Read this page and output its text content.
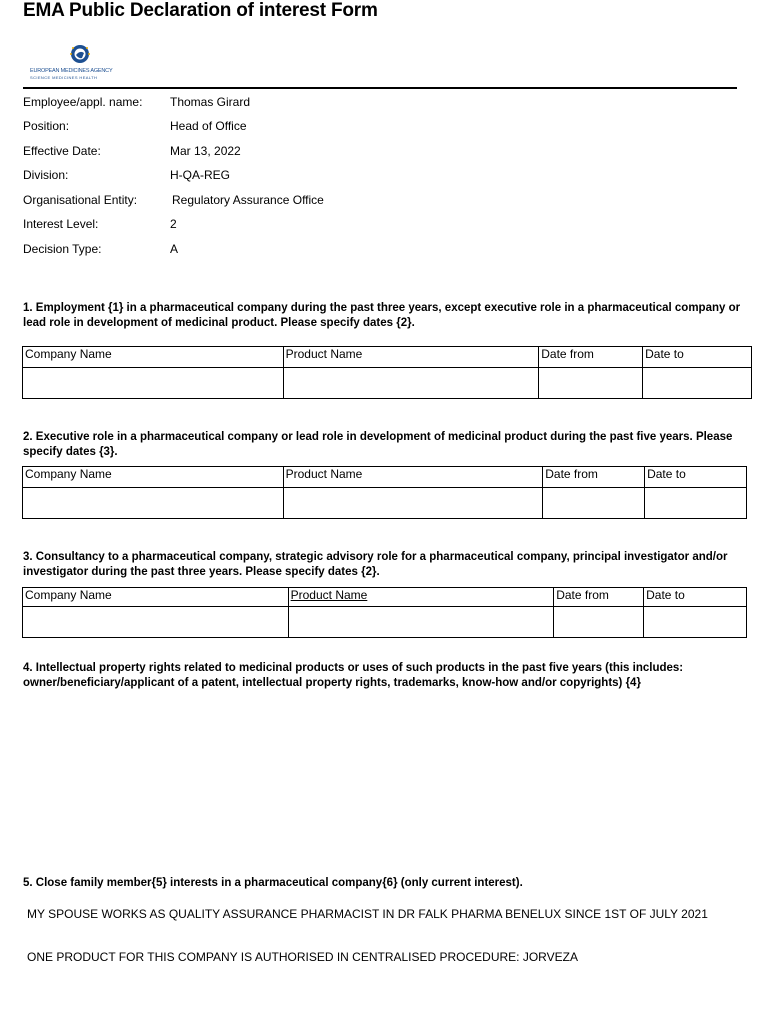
EMA Public Declaration of interest Form
EUROPEAN MEDICINES AGENCY
SCIENCE MEDICINES HEALTH
Employee/appl. name: Thomas Girard
Position:	Head of Office
Effective Date:	Mar 13, 2022
Division:	H-QA-REG
Organisational Entity:	Regulatory Assurance Office
Interest Level:	2
Decision Type:	A
1. Employment {1} in a pharmaceutical company during the past three years, except executive role in a pharmaceutical company or lead role in development of medicinal product. Please specify dates {2}.
Company Name	Product Name	Date from	Date to

2. Executive role in a pharmaceutical company or lead role in development of medicinal product during the past five years. Please specify dates {3}.
Company Name	Product Name	Date from	Date to

3. Consultancy to a pharmaceutical company, strategic advisory role for a pharmaceutical company, principal investigator and/or investigator during the past three years. Please specify dates {2}.
Company Name	Product Name	Date from	Date to

4. Intellectual property rights related to medicinal products or uses of such products in the past five years (this includes: owner/beneficiary/applicant of a patent, intellectual property rights, trademarks, know-how and/or copyrights) {4}
5. Close family member{5} interests in a pharmaceutical company{6} (only current interest).
MY SPOUSE WORKS AS QUALITY ASSURANCE PHARMACIST IN DR FALK PHARMA BENELUX SINCE 1ST OF JULY 2021
ONE PRODUCT FOR THIS COMPANY IS AUTHORISED IN CENTRALISED PROCEDURE: JORVEZA
